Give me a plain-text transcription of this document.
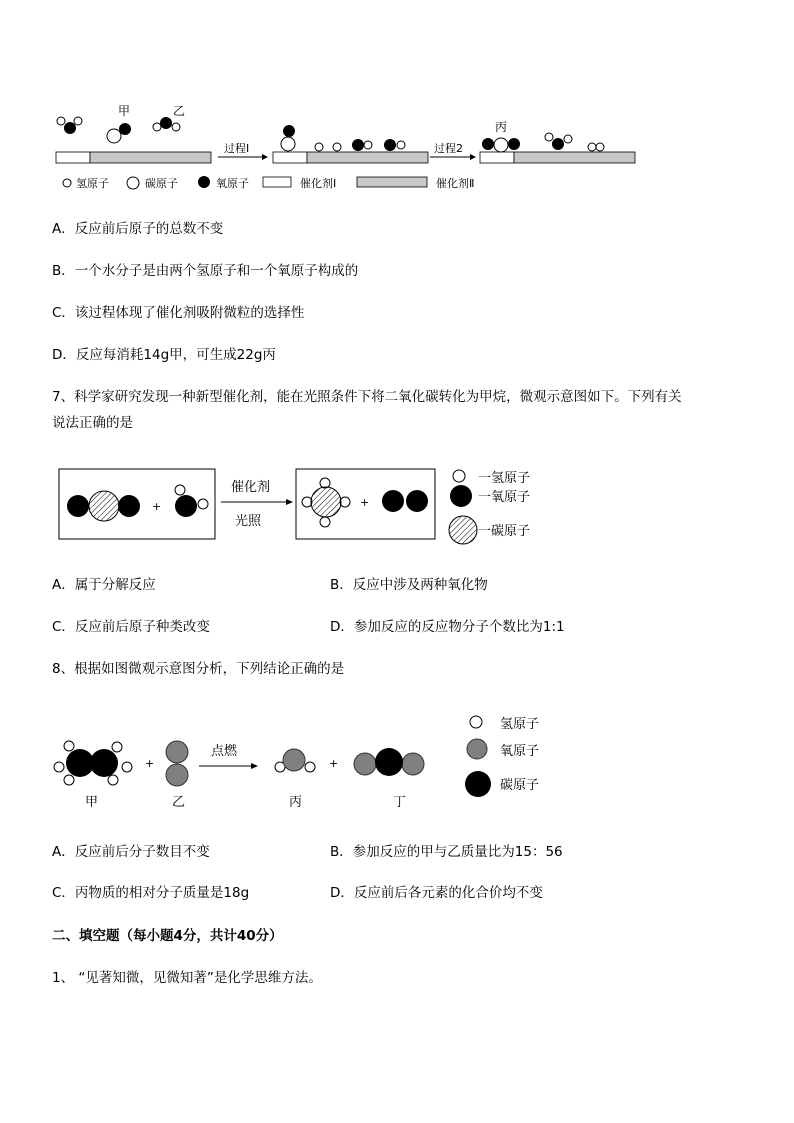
甲	乙
过程Ⅰ	过程2
丙
氢原子	碳原子	氧原子	催化剂Ⅰ	催化剂Ⅱ
A．反应前后原子的总数不变
B．一个水分子是由两个氢原子和一个氧原子构成的
C．该过程体现了催化剂吸附微粒的选择性
D．反应每消耗14g甲，可生成22g丙
7、科学家研究发现一种新型催化剂，能在光照条件下将二氧化碳转化为甲烷，微观示意图如下。下列有关
说法正确的是
+
催化剂
光照
+
一氢原子
一氧原子
一碳原子
A．属于分解反应	B．反应中涉及两种氧化物
C．反应前后原子种类改变	D．参加反应的反应物分子个数比为1:1
8、根据如图微观示意图分析，下列结论正确的是
甲
+
乙
点燃
丙
+
丁
氢原子
氧原子
碳原子
A．反应前后分子数目不变	B．参加反应的甲与乙质量比为15：56
C．丙物质的相对分子质量是18g	D．反应前后各元素的化合价均不变
二、填空题（每小题4分，共计40分）
1、 “见著知微，见微知著”是化学思维方法。
